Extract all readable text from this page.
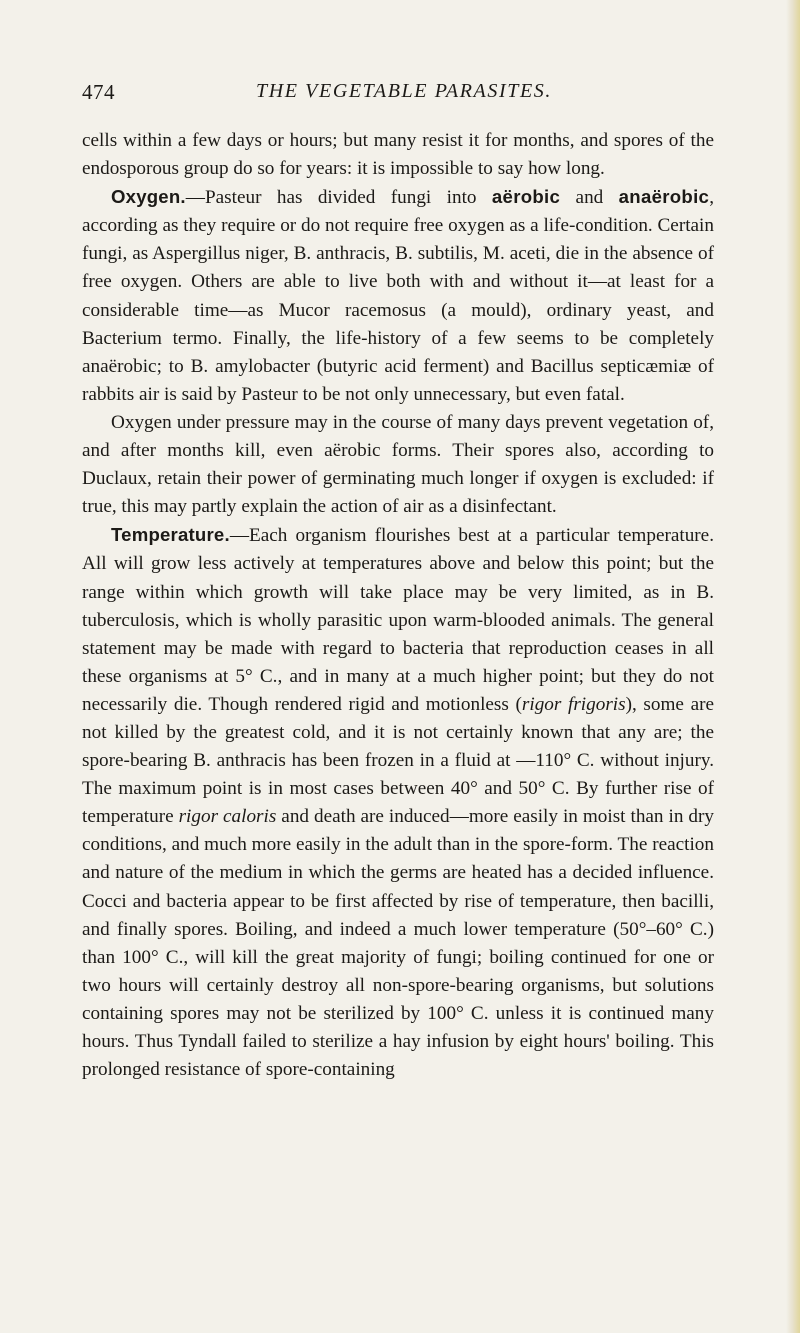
474	THE VEGETABLE PARASITES.

cells within a few days or hours; but many resist it for months, and spores of the endosporous group do so for years: it is impossible to say how long.

Oxygen.—Pasteur has divided fungi into aërobic and anaërobic, according as they require or do not require free oxygen as a life-condition. Certain fungi, as Aspergillus niger, B. anthracis, B. subtilis, M. aceti, die in the absence of free oxygen. Others are able to live both with and without it—at least for a considerable time—as Mucor racemosus (a mould), ordinary yeast, and Bacterium termo. Finally, the life-history of a few seems to be completely anaërobic; to B. amylobacter (butyric acid ferment) and Bacillus septicæmiæ of rabbits air is said by Pasteur to be not only unnecessary, but even fatal.

Oxygen under pressure may in the course of many days prevent vegetation of, and after months kill, even aërobic forms. Their spores also, according to Duclaux, retain their power of germinating much longer if oxygen is excluded: if true, this may partly explain the action of air as a disinfectant.

Temperature.—Each organism flourishes best at a particular temperature. All will grow less actively at temperatures above and below this point; but the range within which growth will take place may be very limited, as in B. tuberculosis, which is wholly parasitic upon warm-blooded animals. The general statement may be made with regard to bacteria that reproduction ceases in all these organisms at 5° C., and in many at a much higher point; but they do not necessarily die. Though rendered rigid and motionless (rigor frigoris), some are not killed by the greatest cold, and it is not certainly known that any are; the spore-bearing B. anthracis has been frozen in a fluid at —110° C. without injury. The maximum point is in most cases between 40° and 50° C. By further rise of temperature rigor caloris and death are induced—more easily in moist than in dry conditions, and much more easily in the adult than in the spore-form. The reaction and nature of the medium in which the germs are heated has a decided influence. Cocci and bacteria appear to be first affected by rise of temperature, then bacilli, and finally spores. Boiling, and indeed a much lower temperature (50°–60° C.) than 100° C., will kill the great majority of fungi; boiling continued for one or two hours will certainly destroy all non-spore-bearing organisms, but solutions containing spores may not be sterilized by 100° C. unless it is continued many hours. Thus Tyndall failed to sterilize a hay infusion by eight hours' boiling. This prolonged resistance of spore-containing
